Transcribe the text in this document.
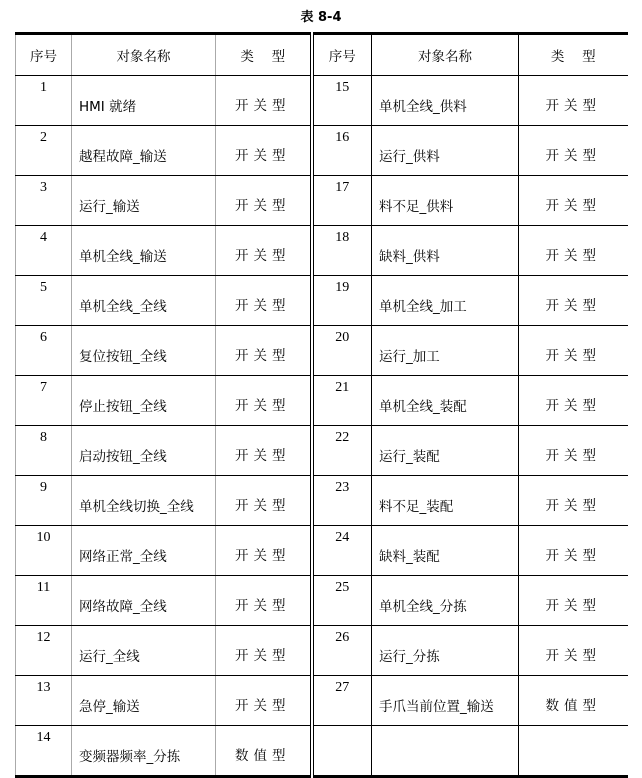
表 8-4
序号	对象名称	类　 型	序号	对象名称	类　 型
1	HMI 就绪	开关型	15	单机全线_供料	开关型
2	越程故障_输送	开关型	16	运行_供料	开关型
3	运行_输送	开关型	17	料不足_供料	开关型
4	单机全线_输送	开关型	18	缺料_供料	开关型
5	单机全线_全线	开关型	19	单机全线_加工	开关型
6	复位按钮_全线	开关型	20	运行_加工	开关型
7	停止按钮_全线	开关型	21	单机全线_装配	开关型
8	启动按钮_全线	开关型	22	运行_装配	开关型
9	单机全线切换_全线	开关型	23	料不足_装配	开关型
10	网络正常_全线	开关型	24	缺料_装配	开关型
11	网络故障_全线	开关型	25	单机全线_分拣	开关型
12	运行_全线	开关型	26	运行_分拣	开关型
13	急停_输送	开关型	27	手爪当前位置_输送	数值型
14	变频器频率_分拣	数值型			
